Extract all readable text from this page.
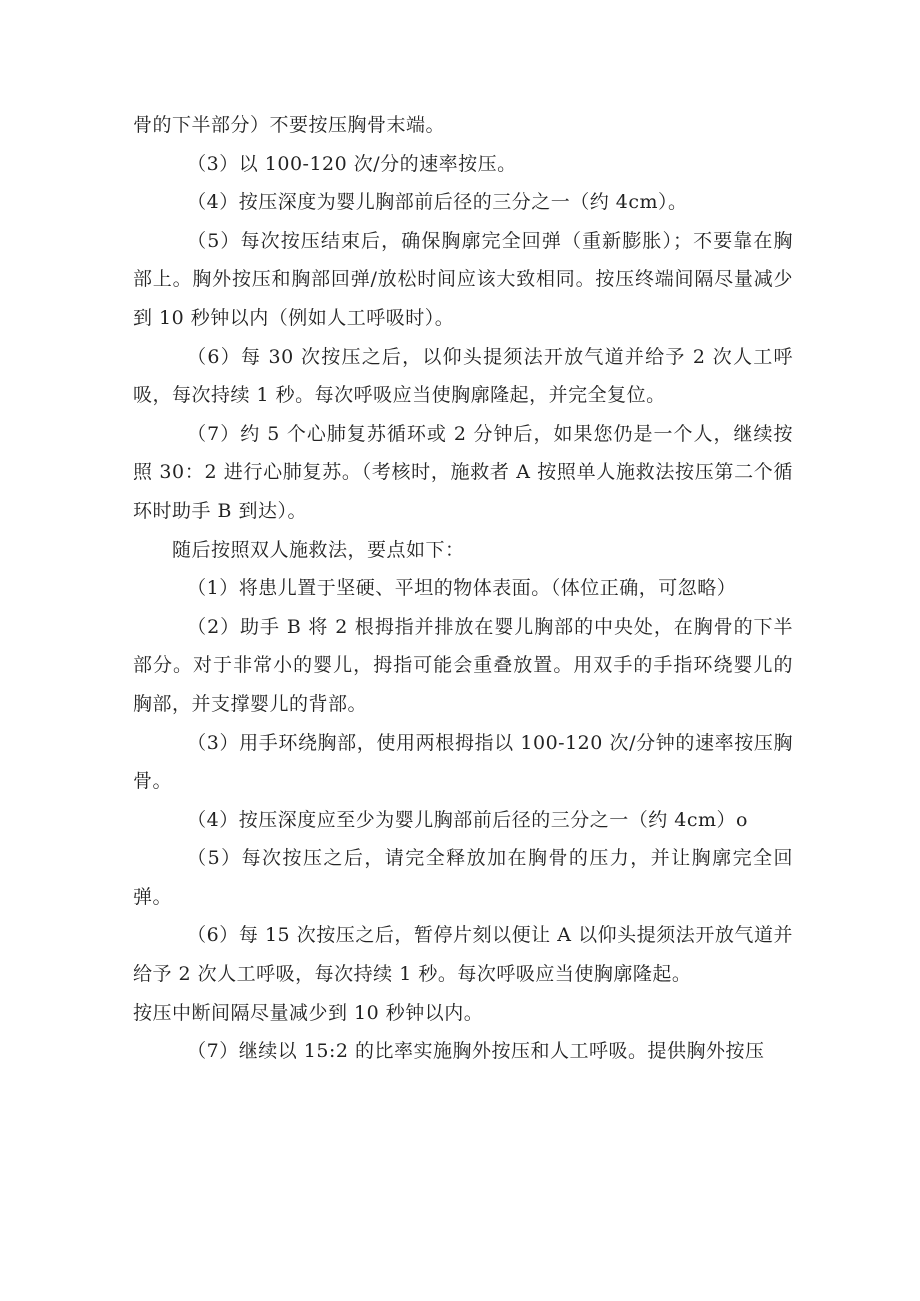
骨的下半部分）不要按压胸骨末端。

（3）以 100-120 次/分的速率按压。

（4）按压深度为婴儿胸部前后径的三分之一（约 4cm）。

（5）每次按压结束后，确保胸廓完全回弹（重新膨胀）；不要靠在胸部上。胸外按压和胸部回弹/放松时间应该大致相同。按压终端间隔尽量减少到 10 秒钟以内（例如人工呼吸时）。

（6）每 30 次按压之后，以仰头提须法开放气道并给予 2 次人工呼吸，每次持续 1 秒。每次呼吸应当使胸廓隆起，并完全复位。

（7）约 5 个心肺复苏循环或 2 分钟后，如果您仍是一个人，继续按照 30：2 进行心肺复苏。（考核时，施救者 A 按照单人施救法按压第二个循环时助手 B 到达）。

随后按照双人施救法，要点如下：

（1）将患儿置于坚硬、平坦的物体表面。（体位正确，可忽略）

（2）助手 B 将 2 根拇指并排放在婴儿胸部的中央处，在胸骨的下半部分。对于非常小的婴儿，拇指可能会重叠放置。用双手的手指环绕婴儿的胸部，并支撑婴儿的背部。

（3）用手环绕胸部，使用两根拇指以 100-120 次/分钟的速率按压胸骨。

（4）按压深度应至少为婴儿胸部前后径的三分之一（约 4cm）o

（5）每次按压之后，请完全释放加在胸骨的压力，并让胸廓完全回弹。

（6）每 15 次按压之后，暂停片刻以便让 A 以仰头提须法开放气道并给予 2 次人工呼吸，每次持续 1 秒。每次呼吸应当使胸廓隆起。

按压中断间隔尽量减少到 10 秒钟以内。

（7）继续以 15:2 的比率实施胸外按压和人工呼吸。提供胸外按压
